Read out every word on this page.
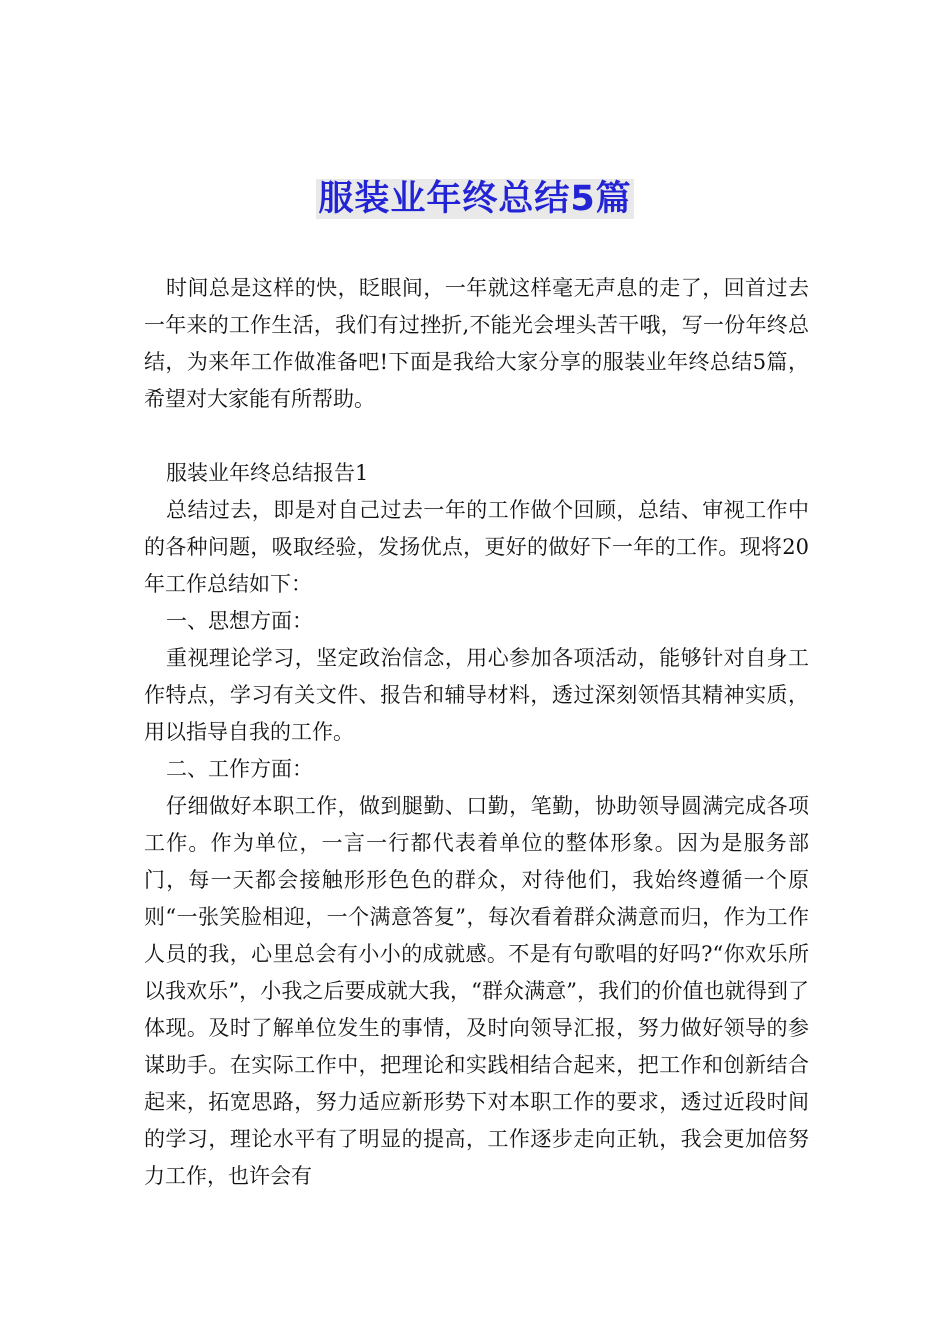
服装业年终总结5篇

时间总是这样的快，眨眼间，一年就这样毫无声息的走了，回首过去一年来的工作生活，我们有过挫折,不能光会埋头苦干哦，写一份年终总结，为来年工作做准备吧!下面是我给大家分享的服装业年终总结5篇，希望对大家能有所帮助。

服装业年终总结报告1

总结过去，即是对自己过去一年的工作做个回顾，总结、审视工作中的各种问题，吸取经验，发扬优点，更好的做好下一年的工作。现将20年工作总结如下：

一、思想方面：

重视理论学习，坚定政治信念，用心参加各项活动，能够针对自身工作特点，学习有关文件、报告和辅导材料，透过深刻领悟其精神实质，用以指导自我的工作。

二、工作方面：

仔细做好本职工作，做到腿勤、口勤，笔勤，协助领导圆满完成各项工作。作为单位，一言一行都代表着单位的整体形象。因为是服务部门，每一天都会接触形形色色的群众，对待他们，我始终遵循一个原则“一张笑脸相迎，一个满意答复”，每次看着群众满意而归，作为工作人员的我，心里总会有小小的成就感。不是有句歌唱的好吗?“你欢乐所以我欢乐”，小我之后要成就大我，“群众满意”，我们的价值也就得到了体现。及时了解单位发生的事情，及时向领导汇报，努力做好领导的参谋助手。在实际工作中，把理论和实践相结合起来，把工作和创新结合起来，拓宽思路，努力适应新形势下对本职工作的要求，透过近段时间的学习，理论水平有了明显的提高，工作逐步走向正轨，我会更加倍努力工作，也许会有
